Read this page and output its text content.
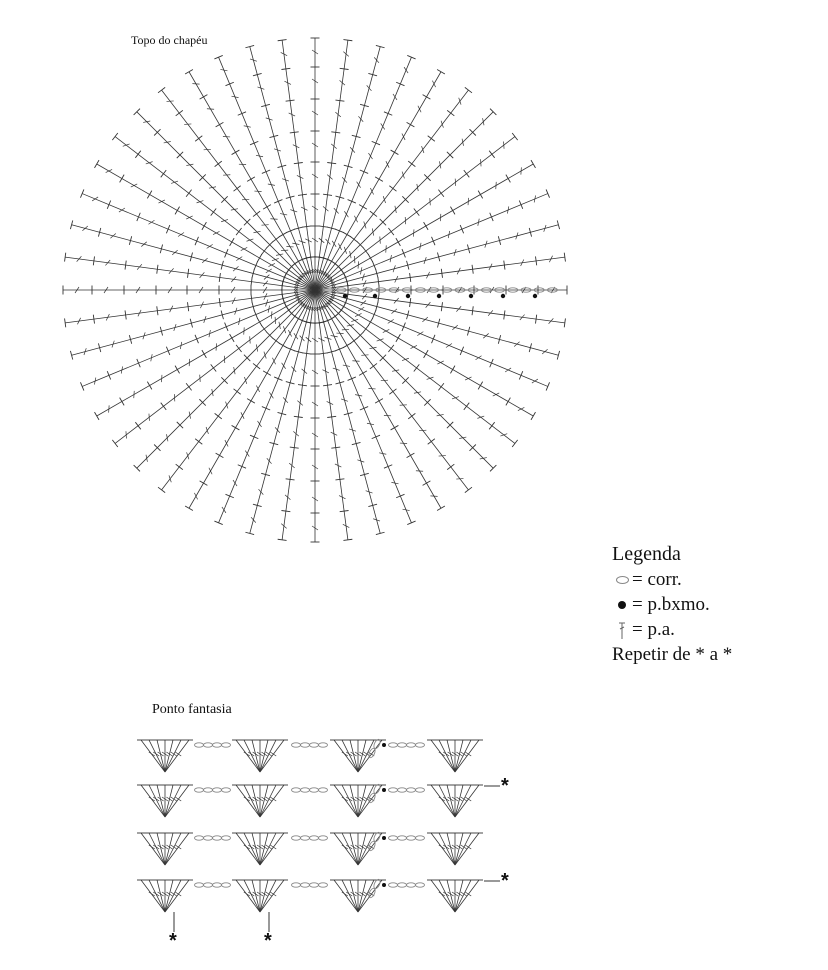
Topo do chapéu
Ponto fantasia
Legenda
= corr.
= p.bxmo.
= p.a.
Repetir de * a *
*
*
*	*
